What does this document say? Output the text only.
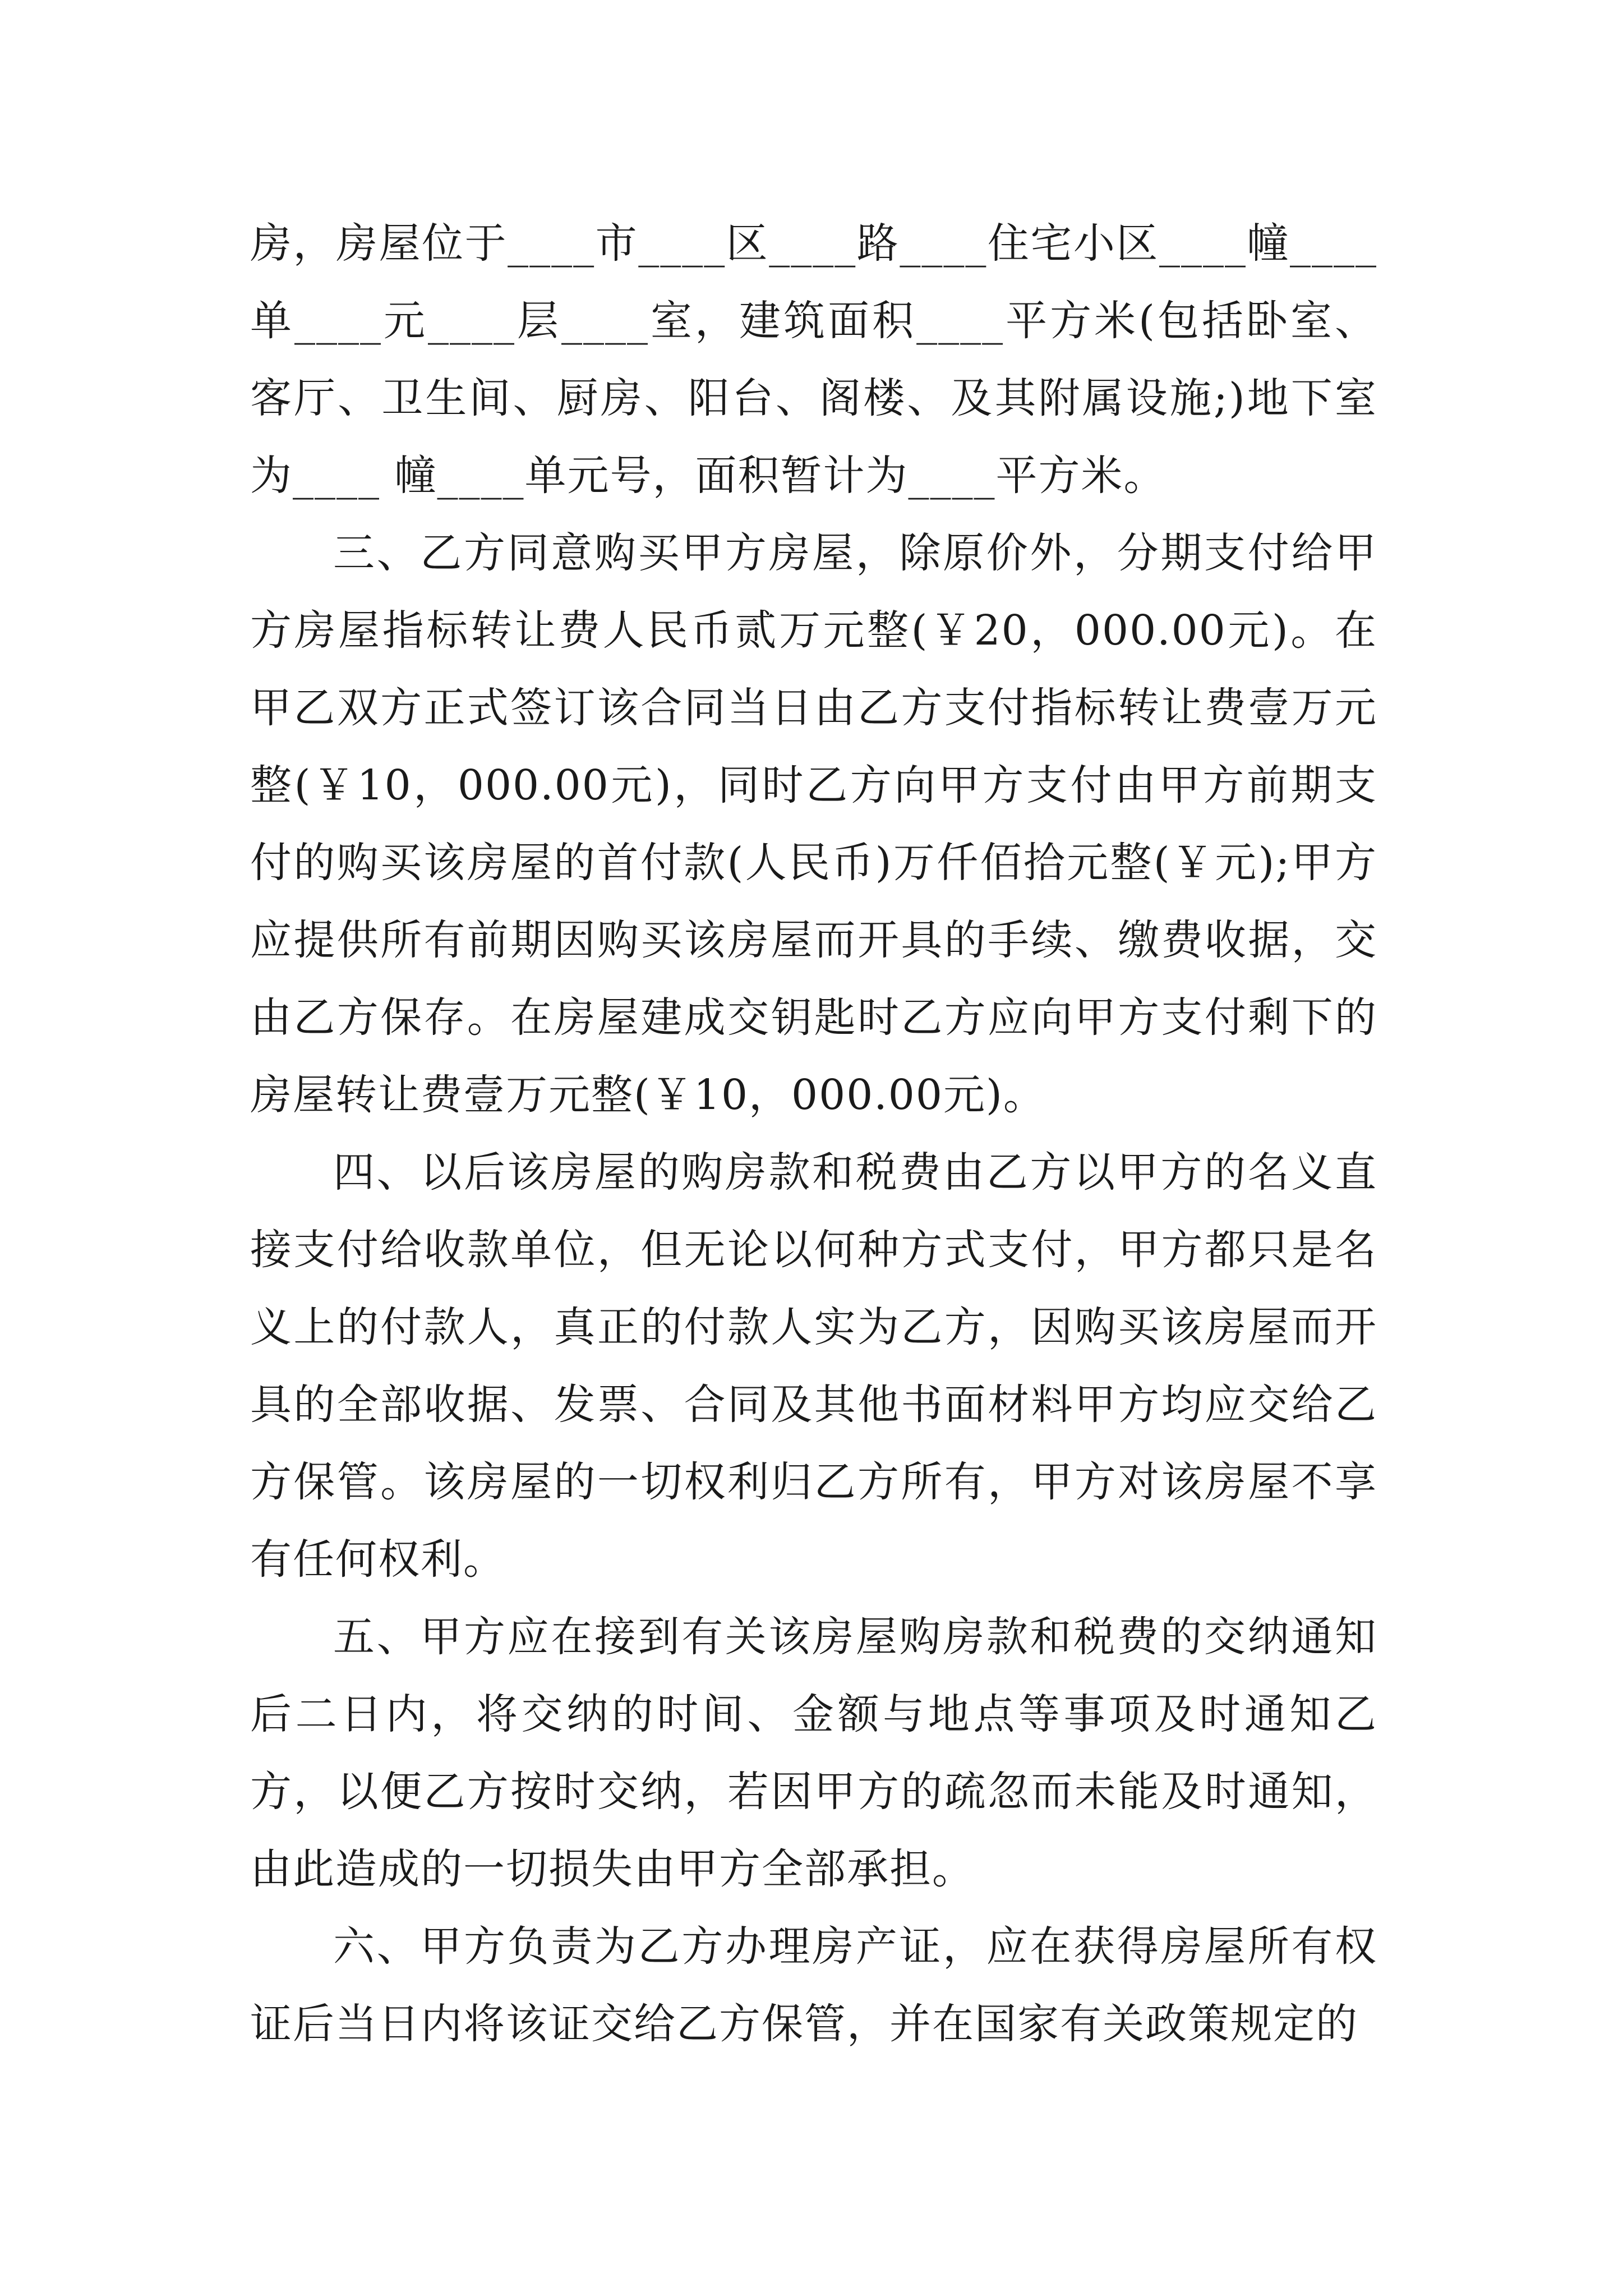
房，房屋位于____市____区____路____住宅小区____幢____单____元____层____室，建筑面积____平方米(包括卧室、客厅、卫生间、厨房、阳台、阁楼、及其附属设施;)地下室为____ 幢____单元号，面积暂计为____平方米。

三、乙方同意购买甲方房屋，除原价外，分期支付给甲方房屋指标转让费人民币贰万元整(￥20，000.00元)。在甲乙双方正式签订该合同当日由乙方支付指标转让费壹万元整(￥10，000.00元)，同时乙方向甲方支付由甲方前期支付的购买该房屋的首付款(人民币)万仟佰拾元整(￥元);甲方应提供所有前期因购买该房屋而开具的手续、缴费收据，交由乙方保存。在房屋建成交钥匙时乙方应向甲方支付剩下的房屋转让费壹万元整(￥10，000.00元)。

四、以后该房屋的购房款和税费由乙方以甲方的名义直接支付给收款单位，但无论以何种方式支付，甲方都只是名义上的付款人，真正的付款人实为乙方，因购买该房屋而开具的全部收据、发票、合同及其他书面材料甲方均应交给乙方保管。该房屋的一切权利归乙方所有，甲方对该房屋不享有任何权利。

五、甲方应在接到有关该房屋购房款和税费的交纳通知后二日内，将交纳的时间、金额与地点等事项及时通知乙方，以便乙方按时交纳，若因甲方的疏忽而未能及时通知，由此造成的一切损失由甲方全部承担。

六、甲方负责为乙方办理房产证，应在获得房屋所有权证后当日内将该证交给乙方保管，并在国家有关政策规定的
